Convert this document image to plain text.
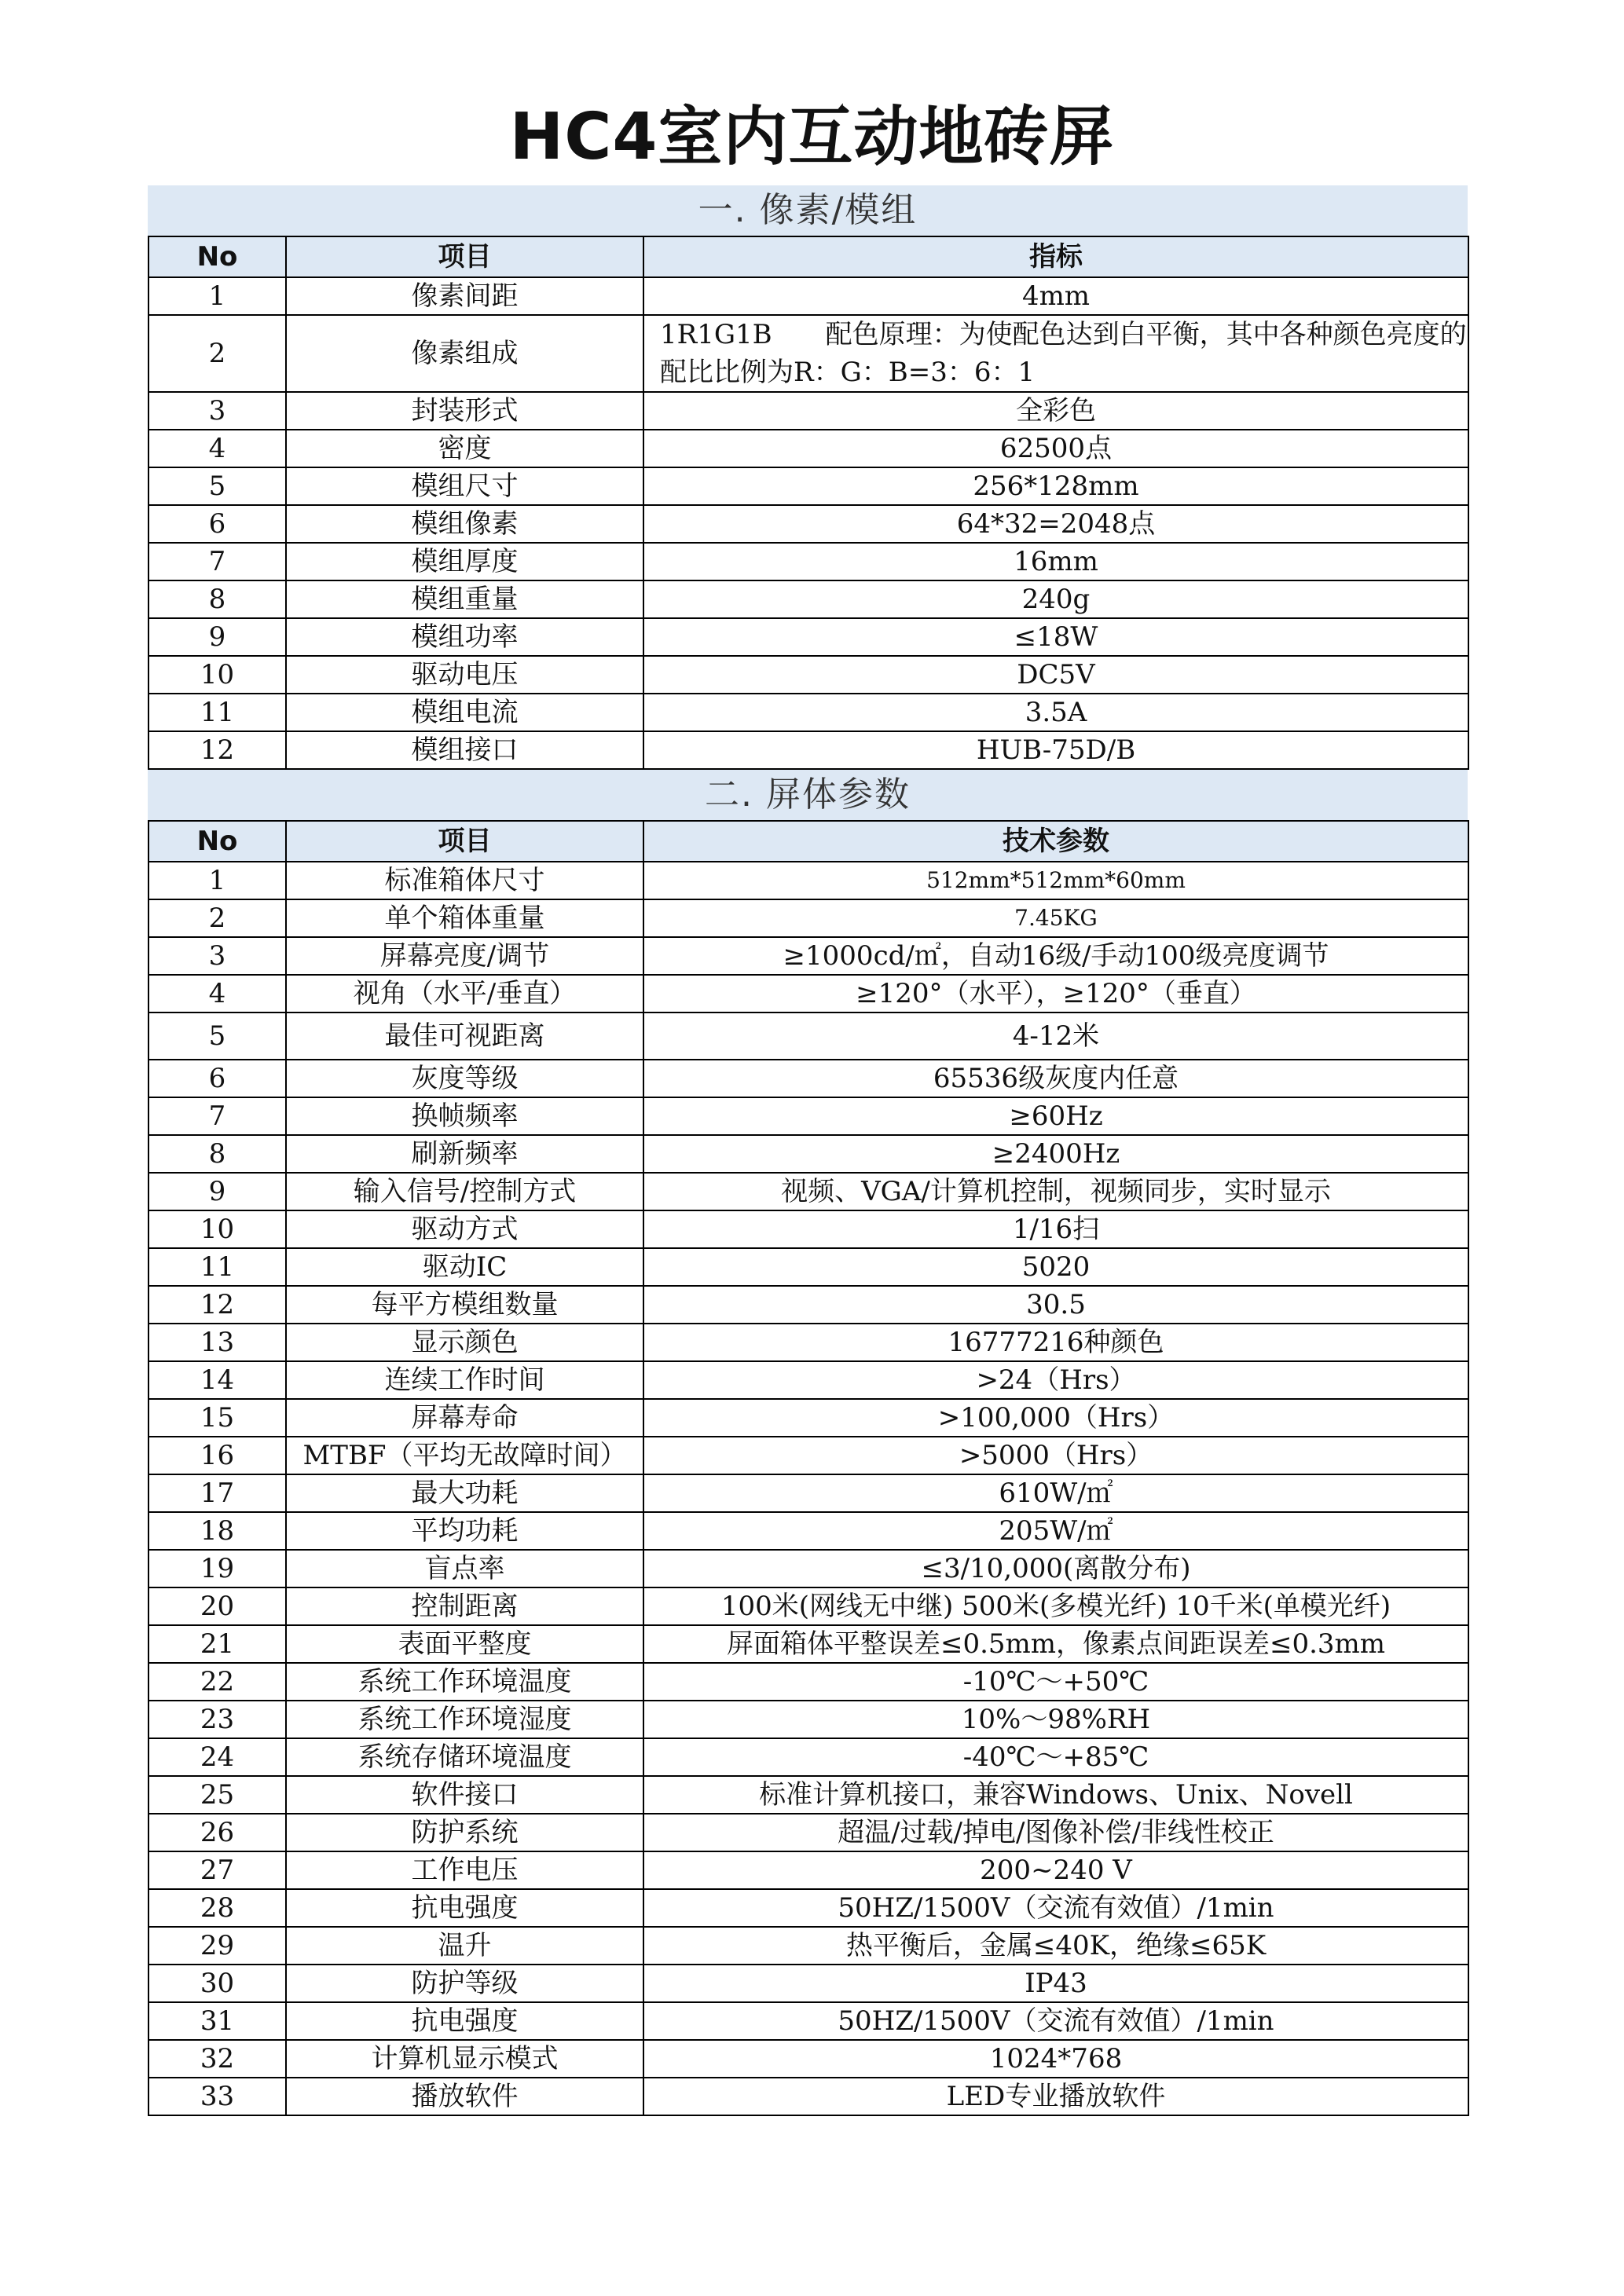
HC4室内互动地砖屏
一. 像素/模组
No	项目	指标
1	像素间距	4mm
2	像素组成	1R1G1B　　配色原理：为使配色达到白平衡，其中各种颜色亮度的配比比例为R：G：B=3：6：1
3	封装形式	全彩色
4	密度	62500点
5	模组尺寸	256*128mm
6	模组像素	64*32=2048点
7	模组厚度	16mm
8	模组重量	240g
9	模组功率	≤18W
10	驱动电压	DC5V
11	模组电流	3.5A
12	模组接口	HUB-75D/B
二. 屏体参数
No	项目	技术参数
1	标准箱体尺寸	512mm*512mm*60mm
2	单个箱体重量	7.45KG
3	屏幕亮度/调节	≥1000cd/㎡，自动16级/手动100级亮度调节
4	视角（水平/垂直）	≥120°（水平），≥120°（垂直）
5	最佳可视距离	4-12米
6	灰度等级	65536级灰度内任意
7	换帧频率	≥60Hz
8	刷新频率	≥2400Hz
9	输入信号/控制方式	视频、VGA/计算机控制，视频同步，实时显示
10	驱动方式	1/16扫
11	驱动IC	5020
12	每平方模组数量	30.5
13	显示颜色	16777216种颜色
14	连续工作时间	>24（Hrs）
15	屏幕寿命	>100,000（Hrs）
16	MTBF（平均无故障时间）	>5000（Hrs）
17	最大功耗	610W/㎡
18	平均功耗	205W/㎡
19	盲点率	≤3/10,000(离散分布)
20	控制距离	100米(网线无中继) 500米(多模光纤) 10千米(单模光纤)
21	表面平整度	屏面箱体平整误差≤0.5mm，像素点间距误差≤0.3mm
22	系统工作环境温度	-10℃～+50℃
23	系统工作环境湿度	10%～98%RH
24	系统存储环境温度	-40℃～+85℃
25	软件接口	标准计算机接口，兼容Windows、Unix、Novell
26	防护系统	超温/过载/掉电/图像补偿/非线性校正
27	工作电压	200~240 V
28	抗电强度	50HZ/1500V（交流有效值）/1min
29	温升	热平衡后，金属≤40K，绝缘≤65K
30	防护等级	IP43
31	抗电强度	50HZ/1500V（交流有效值）/1min
32	计算机显示模式	1024*768
33	播放软件	LED专业播放软件
